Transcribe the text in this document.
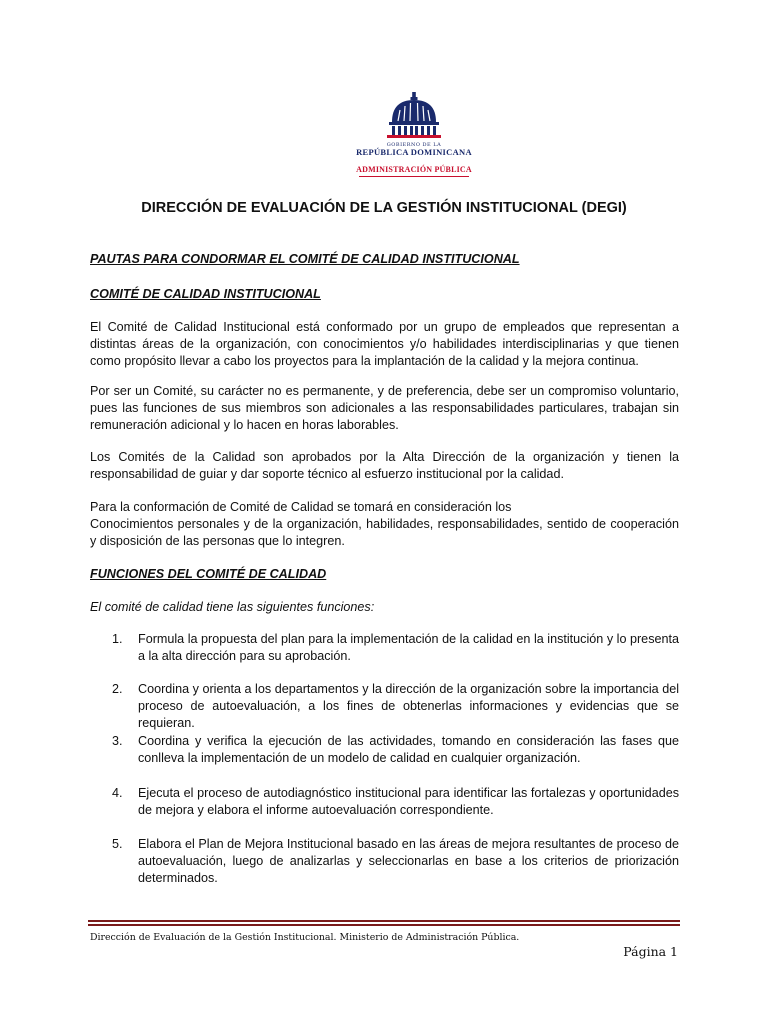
GOBIERNO DE LA
REPÚBLICA DOMINICANA
ADMINISTRACIÓN PÚBLICA
DIRECCIÓN DE EVALUACIÓN DE LA GESTIÓN INSTITUCIONAL (DEGI)
PAUTAS PARA CONDORMAR EL COMITÉ DE CALIDAD INSTITUCIONAL
COMITÉ DE CALIDAD INSTITUCIONAL
El Comité de Calidad Institucional está conformado por un grupo de empleados que representan a distintas áreas de la organización, con conocimientos y/o habilidades interdisciplinarias y que tienen como propósito llevar a cabo los proyectos para la implantación de la calidad y la mejora continua.
Por ser un Comité, su carácter no es permanente, y de preferencia, debe ser un compromiso voluntario, pues las funciones de sus miembros son adicionales a las responsabilidades particulares, trabajan sin remuneración adicional y lo hacen en horas laborables.
Los Comités de la Calidad son aprobados por la Alta Dirección de la organización y tienen la responsabilidad de guiar y dar soporte técnico al esfuerzo institucional por la calidad.
Para la conformación de Comité de Calidad se tomará en consideración los
Conocimientos personales y de la organización, habilidades, responsabilidades, sentido de cooperación y disposición de las personas que lo integren.
FUNCIONES DEL COMITÉ DE CALIDAD
El comité de calidad tiene las siguientes funciones:
1.	Formula la propuesta del plan para la implementación de la calidad en la institución y lo presenta a la alta dirección para su aprobación.
2.	Coordina y orienta a los departamentos y la dirección de la organización sobre la importancia del proceso de autoevaluación, a los fines de obtenerlas informaciones y evidencias que se requieran.
3.	Coordina y verifica la ejecución de las actividades, tomando en consideración las fases que conlleva la implementación de un modelo de calidad en cualquier organización.
4.	Ejecuta el proceso de autodiagnóstico institucional para identificar las fortalezas y oportunidades de mejora y elabora el informe autoevaluación correspondiente.
5.	Elabora el Plan de Mejora Institucional basado en las áreas de mejora resultantes de proceso de autoevaluación, luego de analizarlas y seleccionarlas en base a los criterios de priorización determinados.
Dirección de Evaluación de la Gestión Institucional. Ministerio de Administración Pública.
Página 1
